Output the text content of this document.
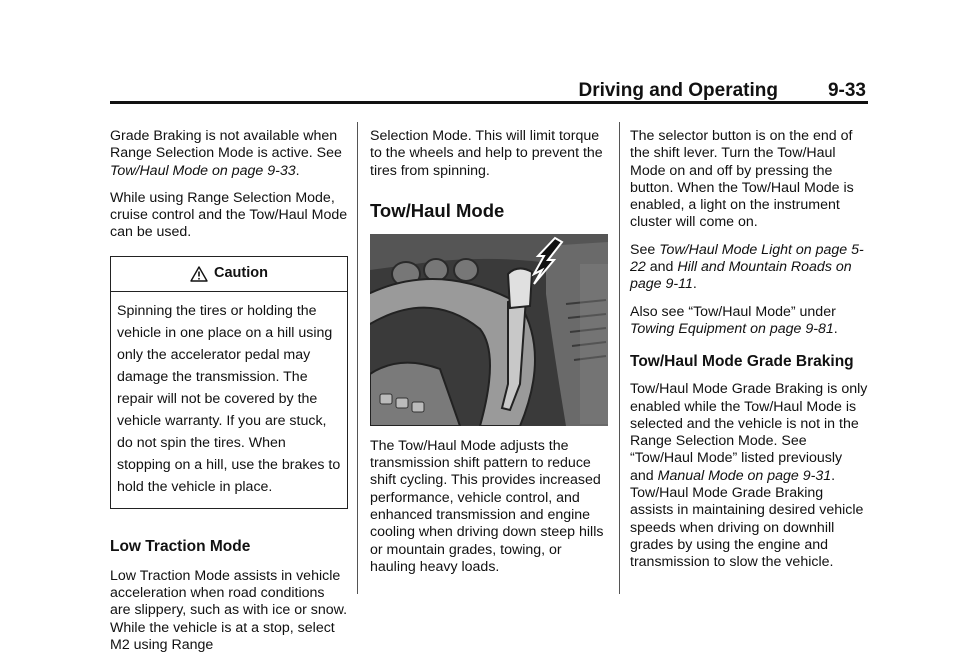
Driving and Operating	9-33

Grade Braking is not available when Range Selection Mode is active. See Tow/Haul Mode on page 9-33.

While using Range Selection Mode, cruise control and the Tow/Haul Mode can be used.

Caution
Spinning the tires or holding the vehicle in one place on a hill using only the accelerator pedal may damage the transmission. The repair will not be covered by the vehicle warranty. If you are stuck, do not spin the tires. When stopping on a hill, use the brakes to hold the vehicle in place.
Low Traction Mode

Low Traction Mode assists in vehicle acceleration when road conditions are slippery, such as with ice or snow. While the vehicle is at a stop, select M2 using Range

Selection Mode. This will limit torque to the wheels and help to prevent the tires from spinning.

Tow/Haul Mode

The Tow/Haul Mode adjusts the transmission shift pattern to reduce shift cycling. This provides increased performance, vehicle control, and enhanced transmission and engine cooling when driving down steep hills or mountain grades, towing, or hauling heavy loads.

The selector button is on the end of the shift lever. Turn the Tow/Haul Mode on and off by pressing the button. When the Tow/Haul Mode is enabled, a light on the instrument cluster will come on.

See Tow/Haul Mode Light on page 5-22 and Hill and Mountain Roads on page 9-11.

Also see “Tow/Haul Mode” under Towing Equipment on page 9-81.

Tow/Haul Mode Grade Braking

Tow/Haul Mode Grade Braking is only enabled while the Tow/Haul Mode is selected and the vehicle is not in the Range Selection Mode. See “Tow/Haul Mode” listed previously and Manual Mode on page 9-31. Tow/Haul Mode Grade Braking assists in maintaining desired vehicle speeds when driving on downhill grades by using the engine and transmission to slow the vehicle.
